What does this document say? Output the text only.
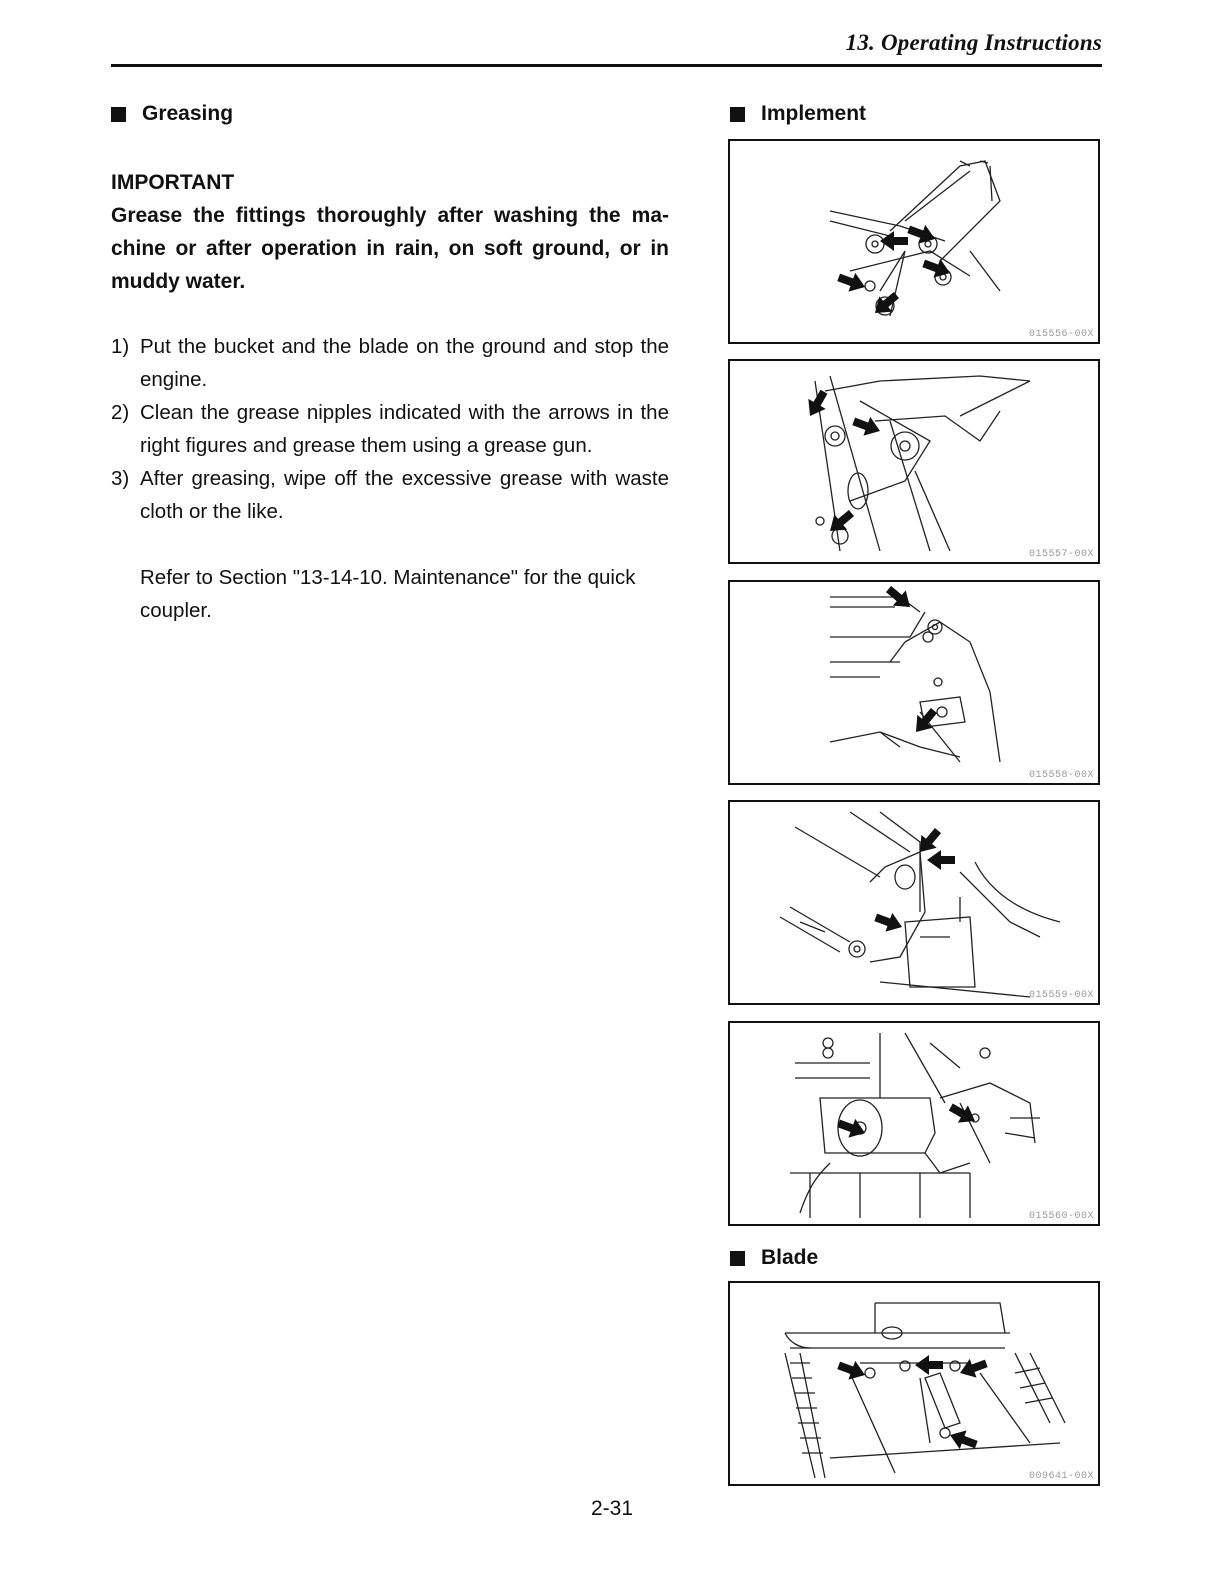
13. Operating Instructions
Greasing
IMPORTANT
Grease the fittings thoroughly after washing the ma-chine or after operation in rain, on soft ground, or in muddy water.
1) Put the bucket and the blade on the ground and stop the engine.
2) Clean the grease nipples indicated with the arrows in the right figures and grease them using a grease gun.
3) After greasing, wipe off the excessive grease with waste cloth or the like.
Refer to Section "13-14-10. Maintenance" for the quick coupler.
Implement
015556-00X
015557-00X
015558-00X
015559-00X
015560-00X
Blade
009641-00X
2-31
